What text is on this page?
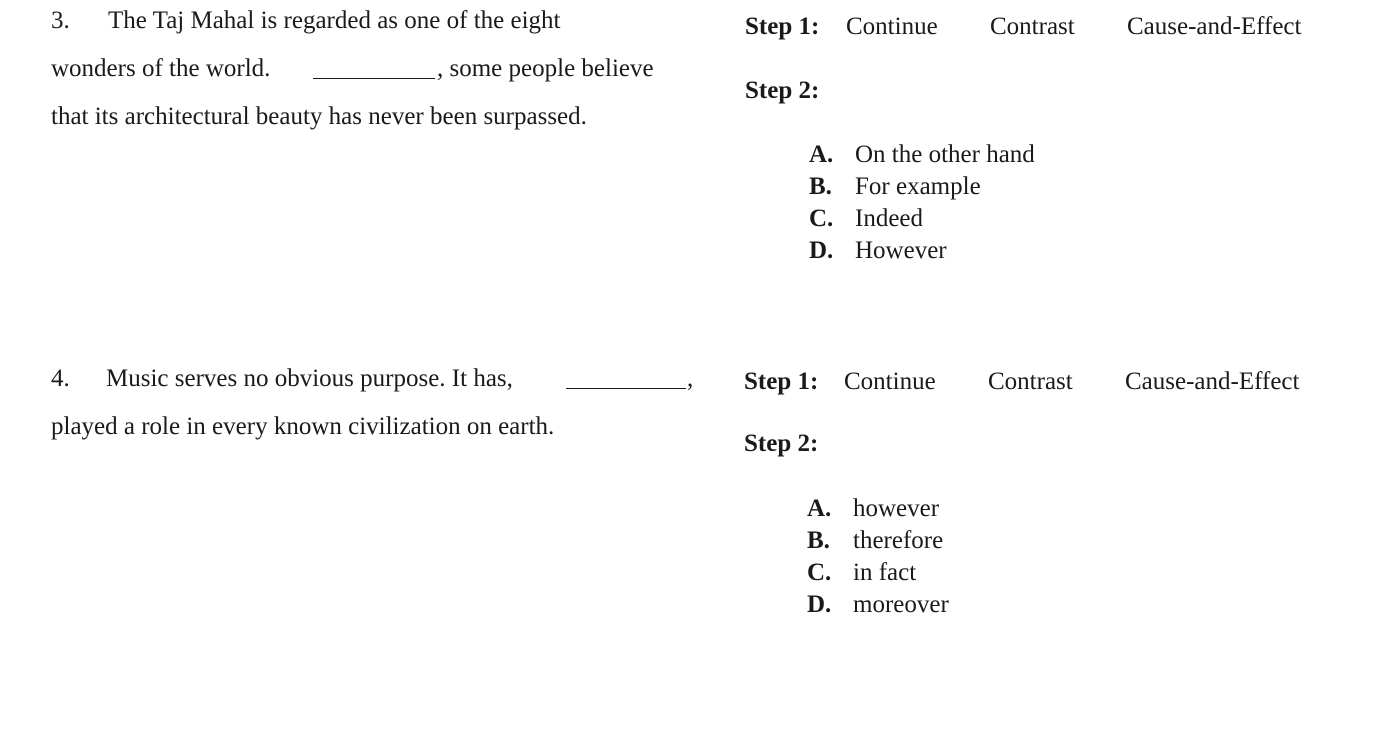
3. The Taj Mahal is regarded as one of the eight
wonders of the world.	, some people believe
that its architectural beauty has never been surpassed.
Step 1: Continue Contrast Cause-and-Effect
Step 2:
A. On the other hand
B. For example
C. Indeed
D. However
4. Music serves no obvious purpose. It has,	,
played a role in every known civilization on earth.
Step 1: Continue Contrast Cause-and-Effect
Step 2:
A. however
B. therefore
C. in fact
D. moreover
